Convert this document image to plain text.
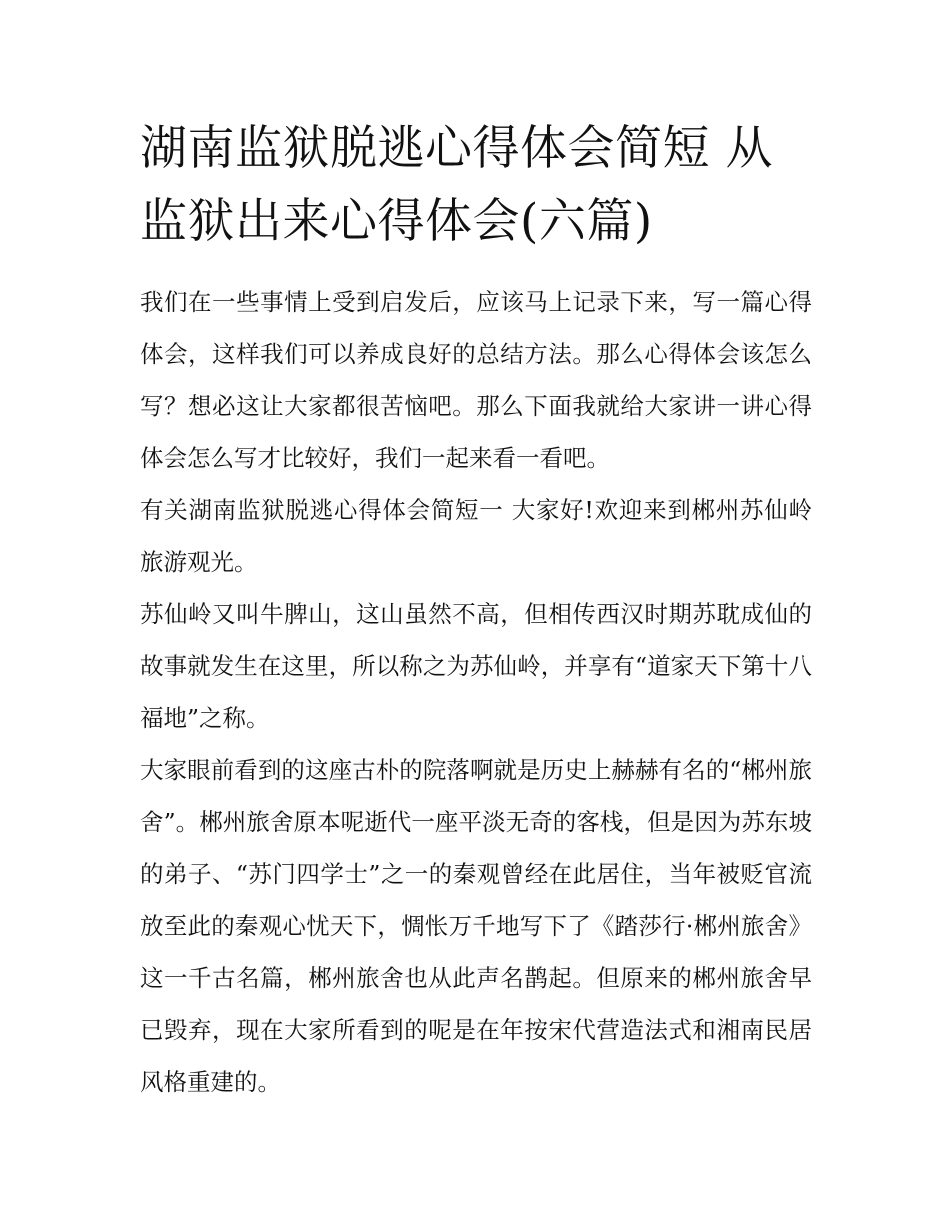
湖南监狱脱逃心得体会简短 从监狱出来心得体会(六篇)

我们在一些事情上受到启发后，应该马上记录下来，写一篇心得体会，这样我们可以养成良好的总结方法。那么心得体会该怎么写？想必这让大家都很苦恼吧。那么下面我就给大家讲一讲心得体会怎么写才比较好，我们一起来看一看吧。

有关湖南监狱脱逃心得体会简短一 大家好!欢迎来到郴州苏仙岭旅游观光。

苏仙岭又叫牛脾山，这山虽然不高，但相传西汉时期苏耽成仙的故事就发生在这里，所以称之为苏仙岭，并享有“道家天下第十八福地”之称。

大家眼前看到的这座古朴的院落啊就是历史上赫赫有名的“郴州旅舍”。郴州旅舍原本呢逝代一座平淡无奇的客栈，但是因为苏东坡的弟子、“苏门四学士”之一的秦观曾经在此居住，当年被贬官流放至此的秦观心忧天下，惆怅万千地写下了《踏莎行·郴州旅舍》这一千古名篇，郴州旅舍也从此声名鹊起。但原来的郴州旅舍早已毁弃，现在大家所看到的呢是在年按宋代营造法式和湘南民居风格重建的。
